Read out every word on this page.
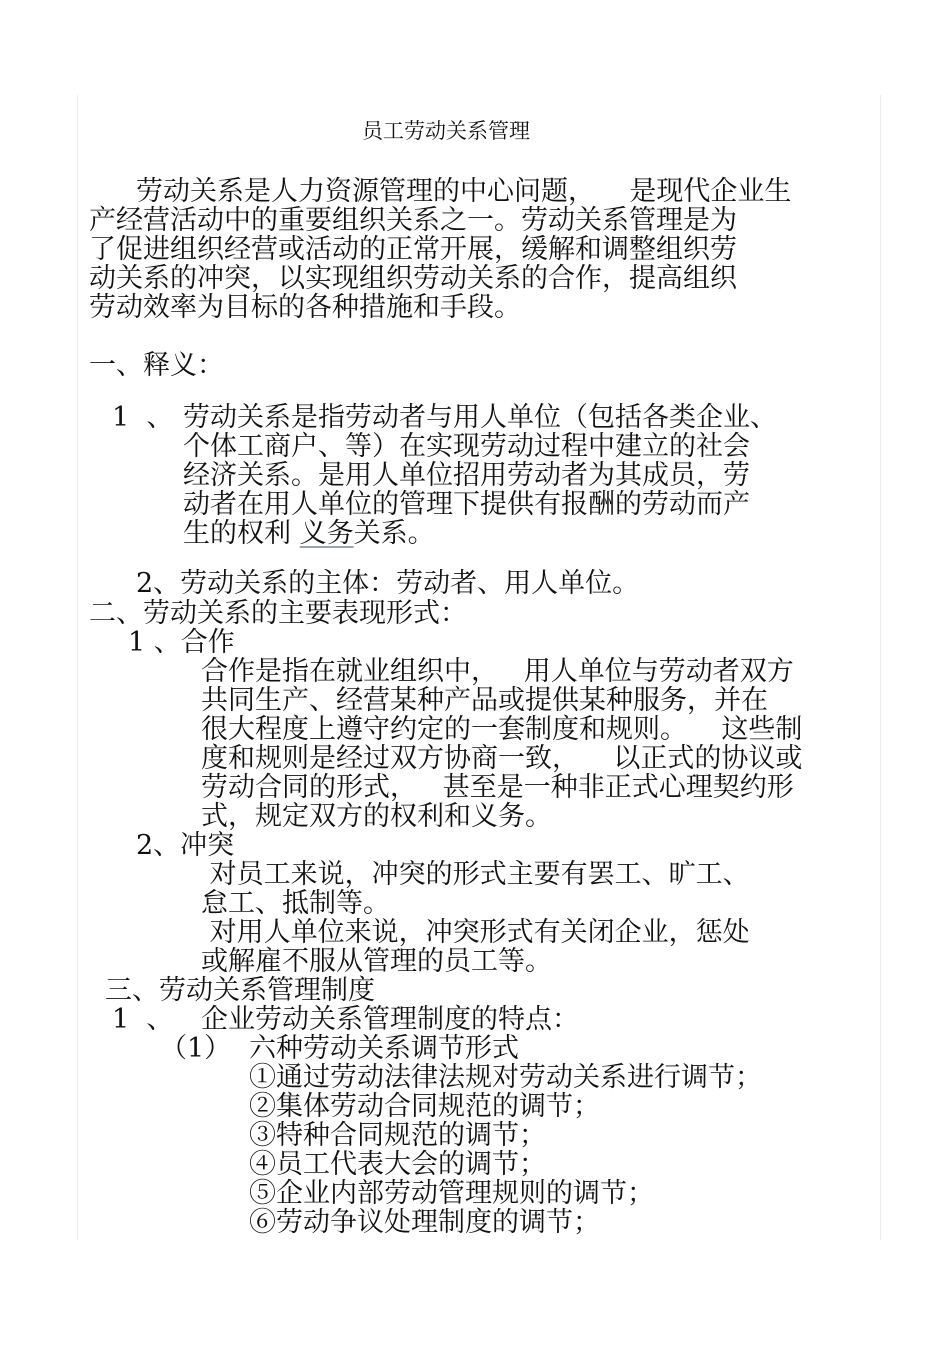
员工劳动关系管理

劳动关系是人力资源管理的中心问题，    是现代企业生

产经营活动中的重要组织关系之一。劳动关系管理是为

了促进组织经营或活动的正常开展，缓解和调整组织劳

动关系的冲突，以实现组织劳动关系的合作，提高组织

劳动效率为目标的各种措施和手段。

一、释义：

1  、 劳动关系是指劳动者与用人单位（包括各类企业、

个体工商户、等）在实现劳动过程中建立的社会

经济关系。是用人单位招用劳动者为其成员，劳

动者在用人单位的管理下提供有报酬的劳动而产

生的权利 义务关系。

2、劳动关系的主体：劳动者、用人单位。

二、劳动关系的主要表现形式：

1 、合作

合作是指在就业组织中，   用人单位与劳动者双方

共同生产、经营某种产品或提供某种服务，并在

很大程度上遵守约定的一套制度和规则。    这些制

度和规则是经过双方协商一致，    以正式的协议或

劳动合同的形式，   甚至是一种非正式心理契约形

式，规定双方的权利和义务。

2、冲突

对员工来说，冲突的形式主要有罢工、旷工、

怠工、抵制等。

对用人单位来说，冲突形式有关闭企业，惩处

或解雇不服从管理的员工等。

三、劳动关系管理制度

1  、 企业劳动关系管理制度的特点：

（1） 六种劳动关系调节形式

①通过劳动法律法规对劳动关系进行调节；

②集体劳动合同规范的调节；

③特种合同规范的调节；

④员工代表大会的调节；

⑤企业内部劳动管理规则的调节；

⑥劳动争议处理制度的调节；
